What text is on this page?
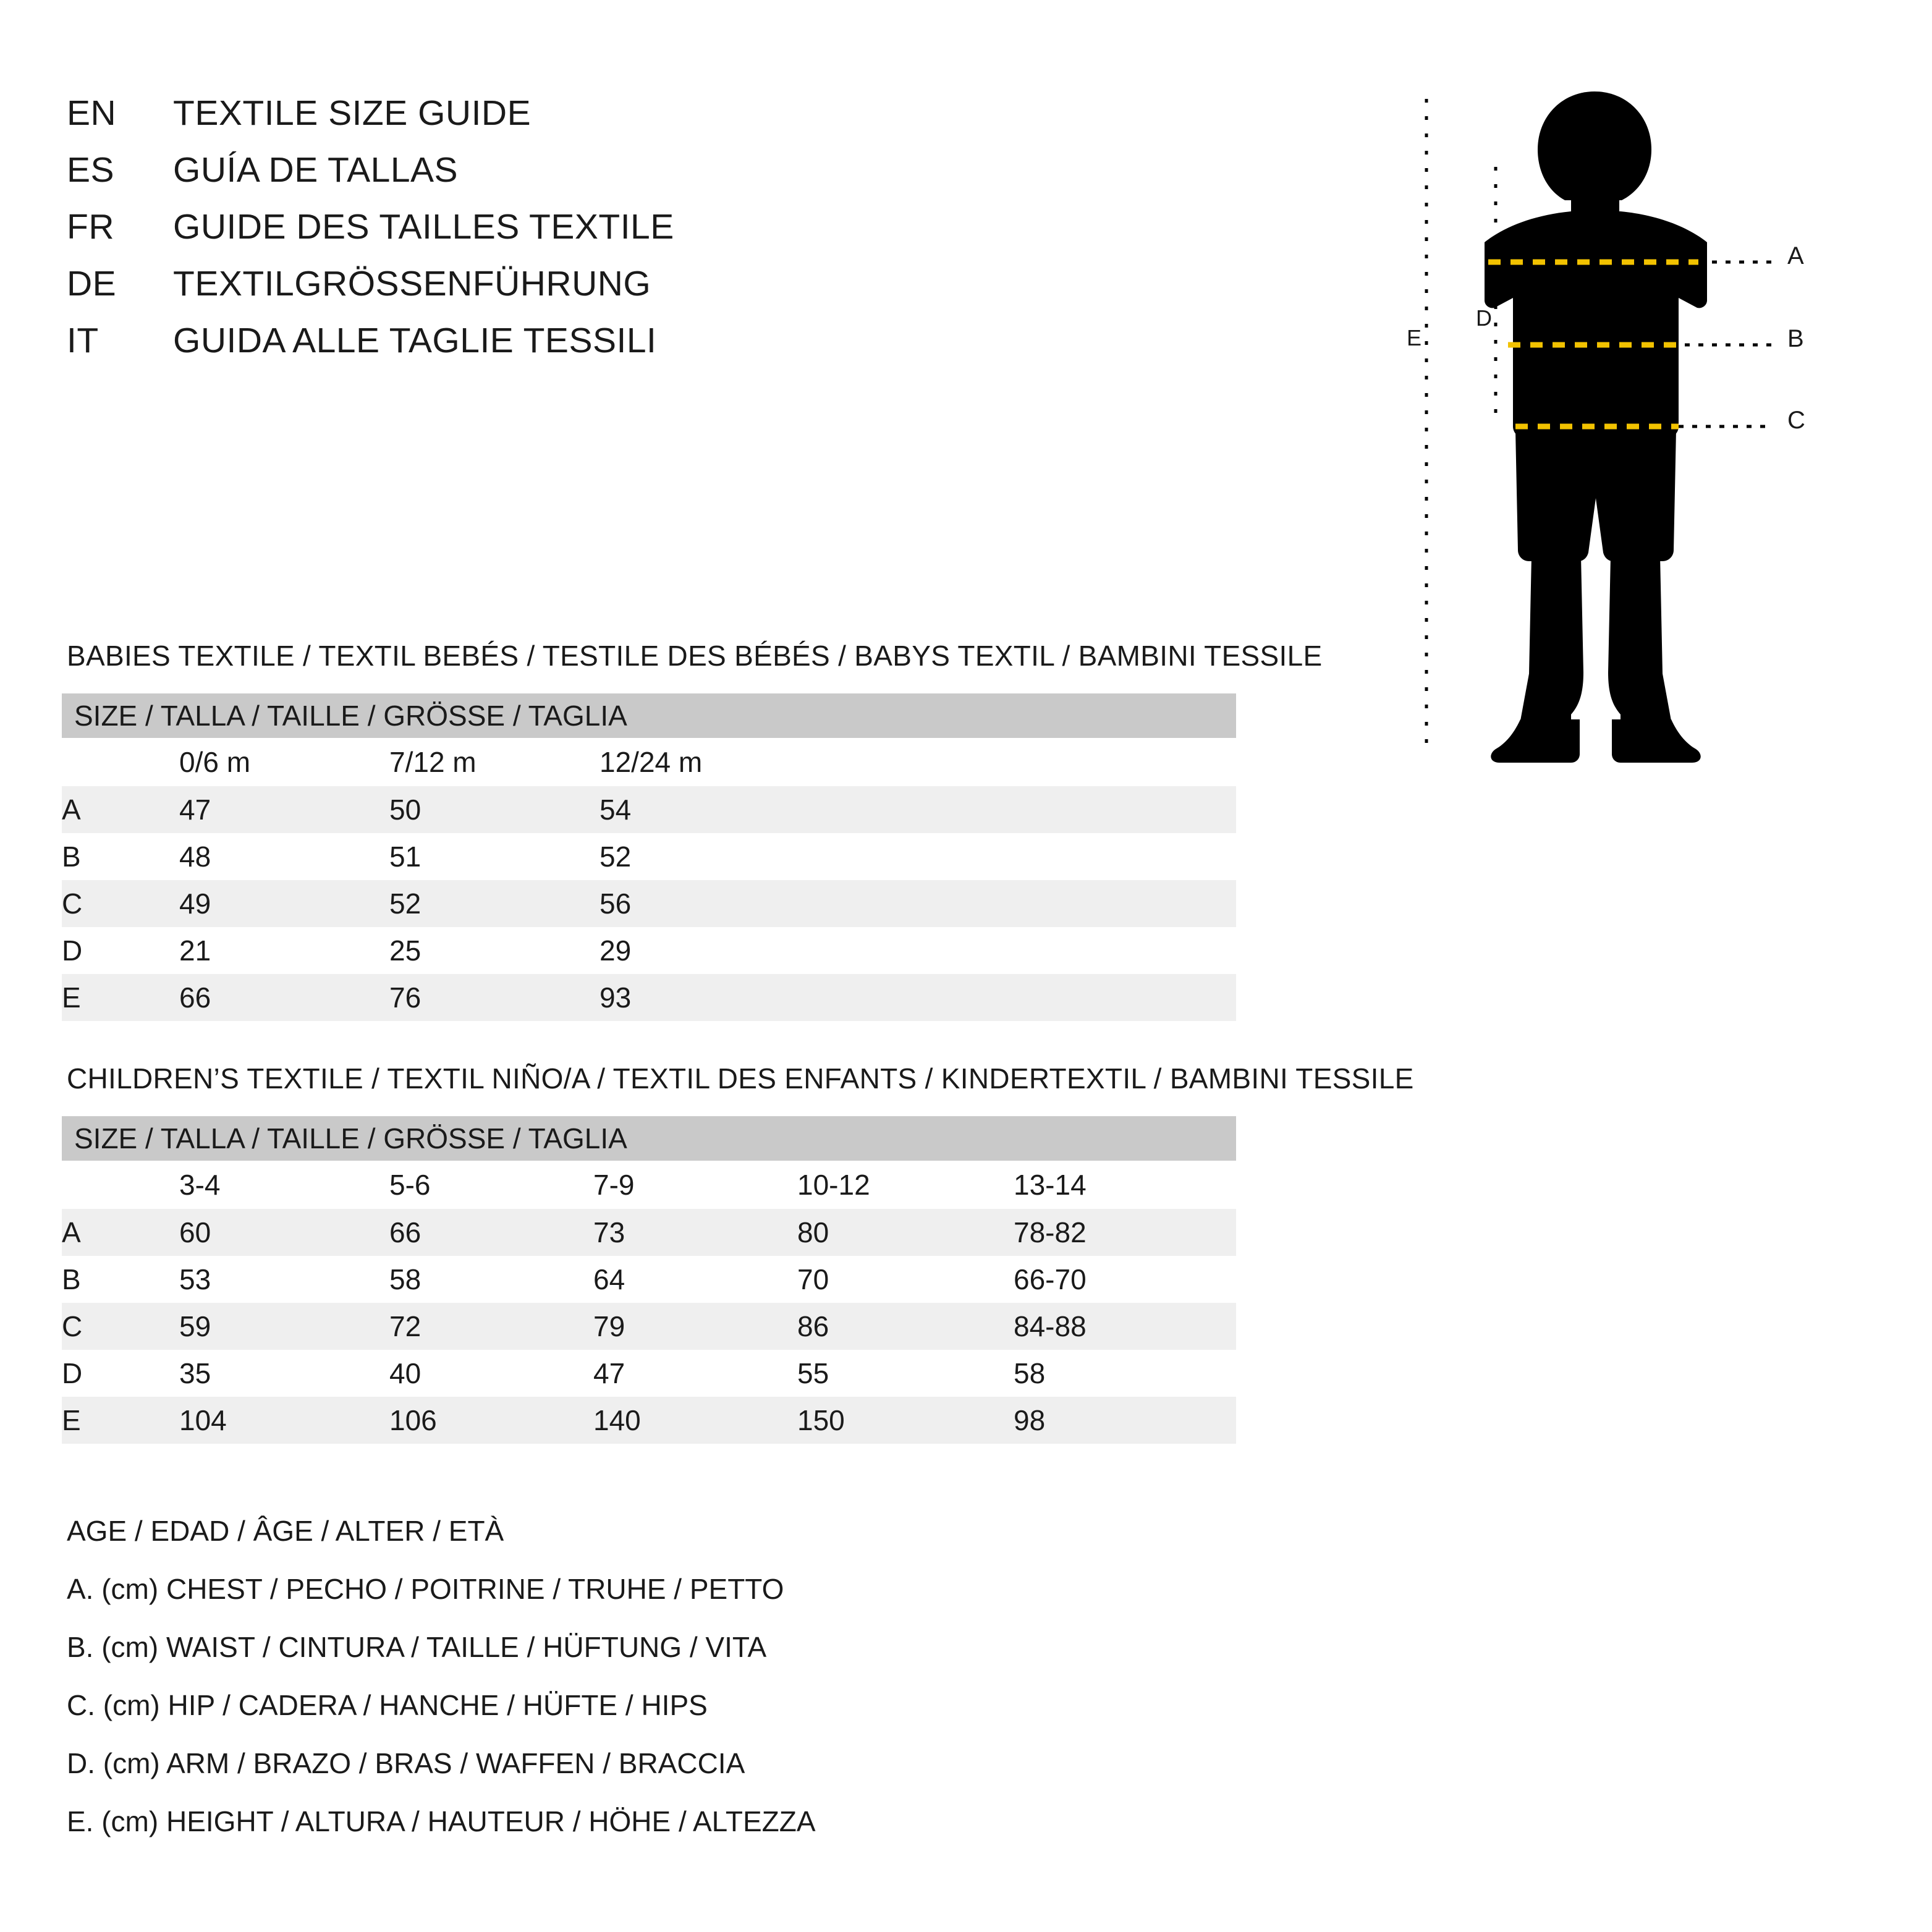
EN	TEXTILE SIZE GUIDE
ES	GUÍA DE TALLAS
FR	GUIDE DES TAILLES TEXTILE
DE	TEXTILGRÖSSENFÜHRUNG
IT	GUIDA ALLE TAGLIE TESSILI
A
B
C
D
E
BABIES TEXTILE / TEXTIL BEBÉS / TESTILE DES BÉBÉS / BABYS TEXTIL / BAMBINI TESSILE
SIZE / TALLA / TAILLE / GRÖSSE / TAGLIA			
	0/6 m	7/12 m	12/24 m
A	47	50	54
B	48	51	52
C	49	52	56
D	21	25	29
E	66	76	93
CHILDREN’S TEXTILE / TEXTIL NIÑO/A / TEXTIL DES ENFANTS / KINDERTEXTIL / BAMBINI TESSILE
SIZE / TALLA / TAILLE / GRÖSSE / TAGLIA					
	3-4	5-6	7-9	10-12	13-14
A	60	66	73	80	78-82
B	53	58	64	70	66-70
C	59	72	79	86	84-88
D	35	40	47	55	58
E	104	106	140	150	98
AGE / EDAD / ÂGE / ALTER / ETÀ
A. (cm) CHEST / PECHO / POITRINE / TRUHE / PETTO
B. (cm) WAIST / CINTURA / TAILLE / HÜFTUNG / VITA
C. (cm) HIP / CADERA / HANCHE / HÜFTE / HIPS
D. (cm) ARM / BRAZO / BRAS / WAFFEN / BRACCIA
E. (cm) HEIGHT / ALTURA / HAUTEUR / HÖHE / ALTEZZA
